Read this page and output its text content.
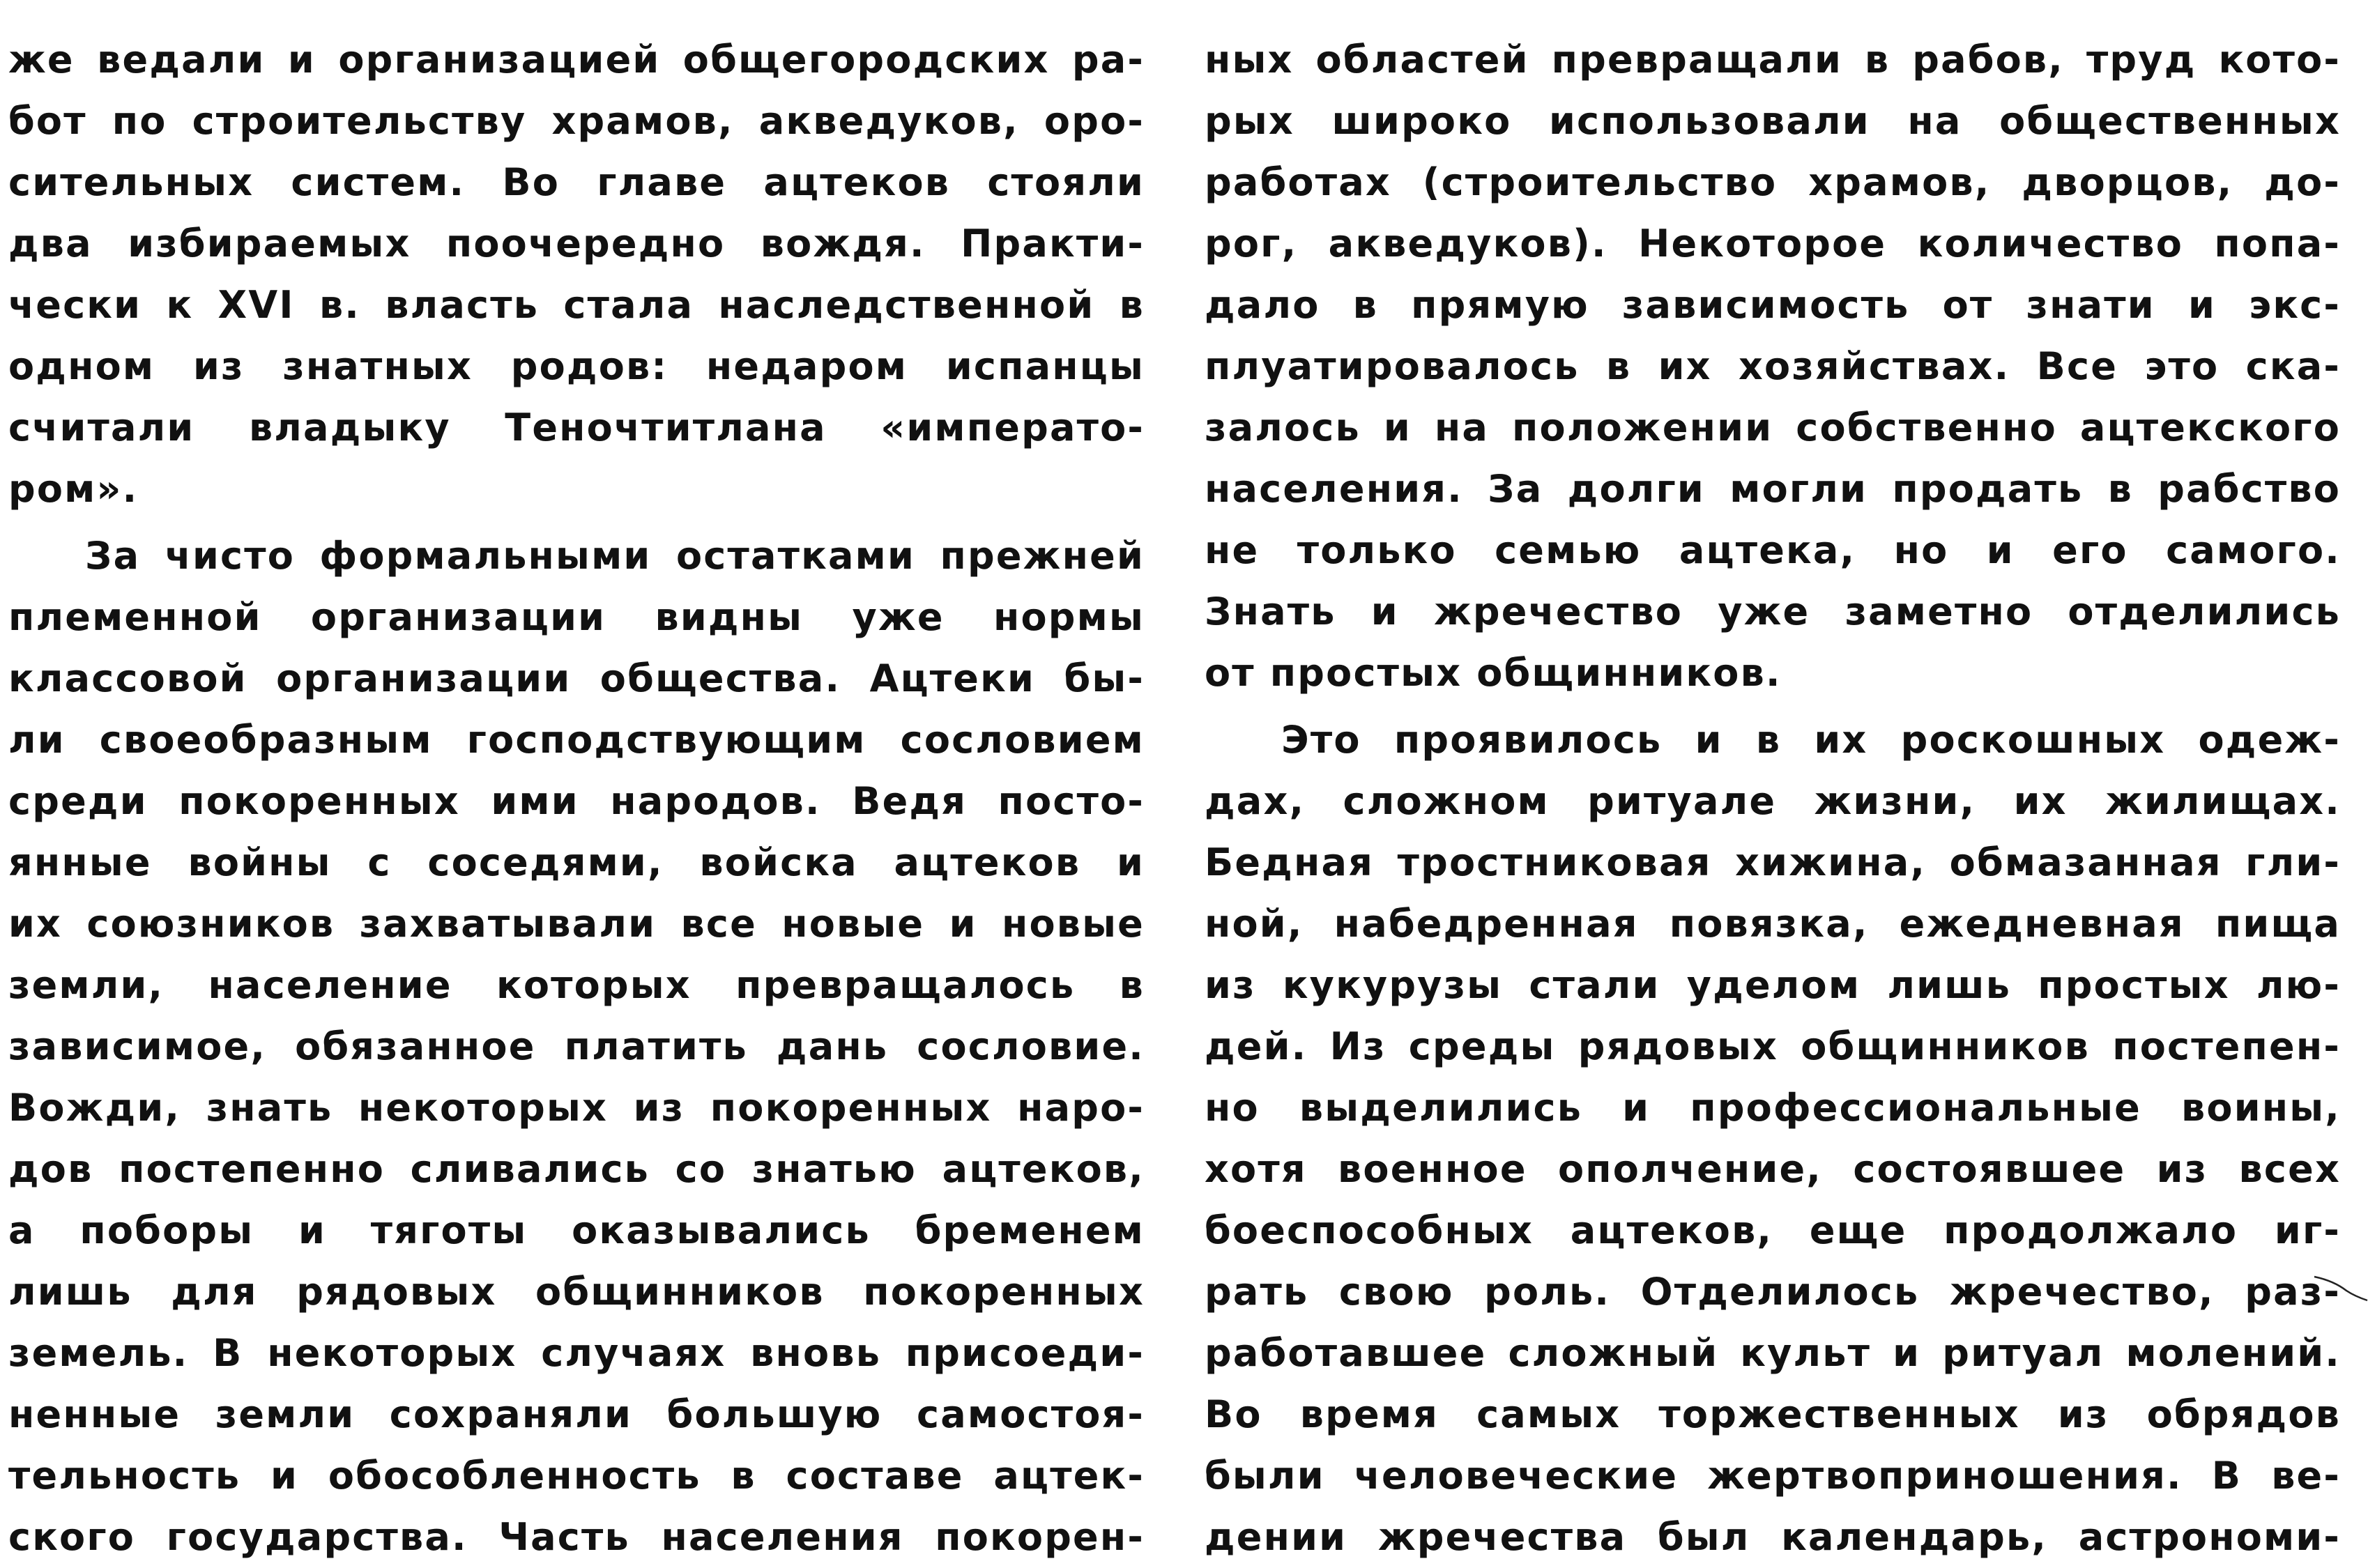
же ведали и организацией общегородских ра-
бот по строительству храмов, акведуков, оро-
сительных систем. Во главе ацтеков стояли
два избираемых поочередно вождя. Практи-
чески к XVI в. власть стала наследственной в
одном из знатных родов: недаром испанцы
считали владыку Теночтитлана «императо-
ром».
За чисто формальными остатками прежней
племенной организации видны уже нормы
классовой организации общества. Ацтеки бы-
ли своеобразным господствующим сословием
среди покоренных ими народов. Ведя посто-
янные войны с соседями, войска ацтеков и
их союзников захватывали все новые и новые
земли, население которых превращалось в
зависимое, обязанное платить дань сословие.
Вожди, знать некоторых из покоренных наро-
дов постепенно сливались со знатью ацтеков,
а поборы и тяготы оказывались бременем
лишь для рядовых общинников покоренных
земель. В некоторых случаях вновь присоеди-
ненные земли сохраняли большую самостоя-
тельность и обособленность в составе ацтек-
ского государства. Часть населения покорен-
ных областей превращали в рабов, труд кото-
рых широко использовали на общественных
работах (строительство храмов, дворцов, до-
рог, акведуков). Некоторое количество попа-
дало в прямую зависимость от знати и экс-
плуатировалось в их хозяйствах. Все это ска-
залось и на положении собственно ацтекского
населения. За долги могли продать в рабство
не только семью ацтека, но и его самого.
Знать и жречество уже заметно отделились
от простых общинников.
Это проявилось и в их роскошных одеж-
дах, сложном ритуале жизни, их жилищах.
Бедная тростниковая хижина, обмазанная гли-
ной, набедренная повязка, ежедневная пища
из кукурузы стали уделом лишь простых лю-
дей. Из среды рядовых общинников постепен-
но выделились и профессиональные воины,
хотя военное ополчение, состоявшее из всех
боеспособных ацтеков, еще продолжало иг-
рать свою роль. Отделилось жречество, раз-
работавшее сложный культ и ритуал молений.
Во время самых торжественных из обрядов
были человеческие жертвоприношения. В ве-
дении жречества был календарь, астрономи-
